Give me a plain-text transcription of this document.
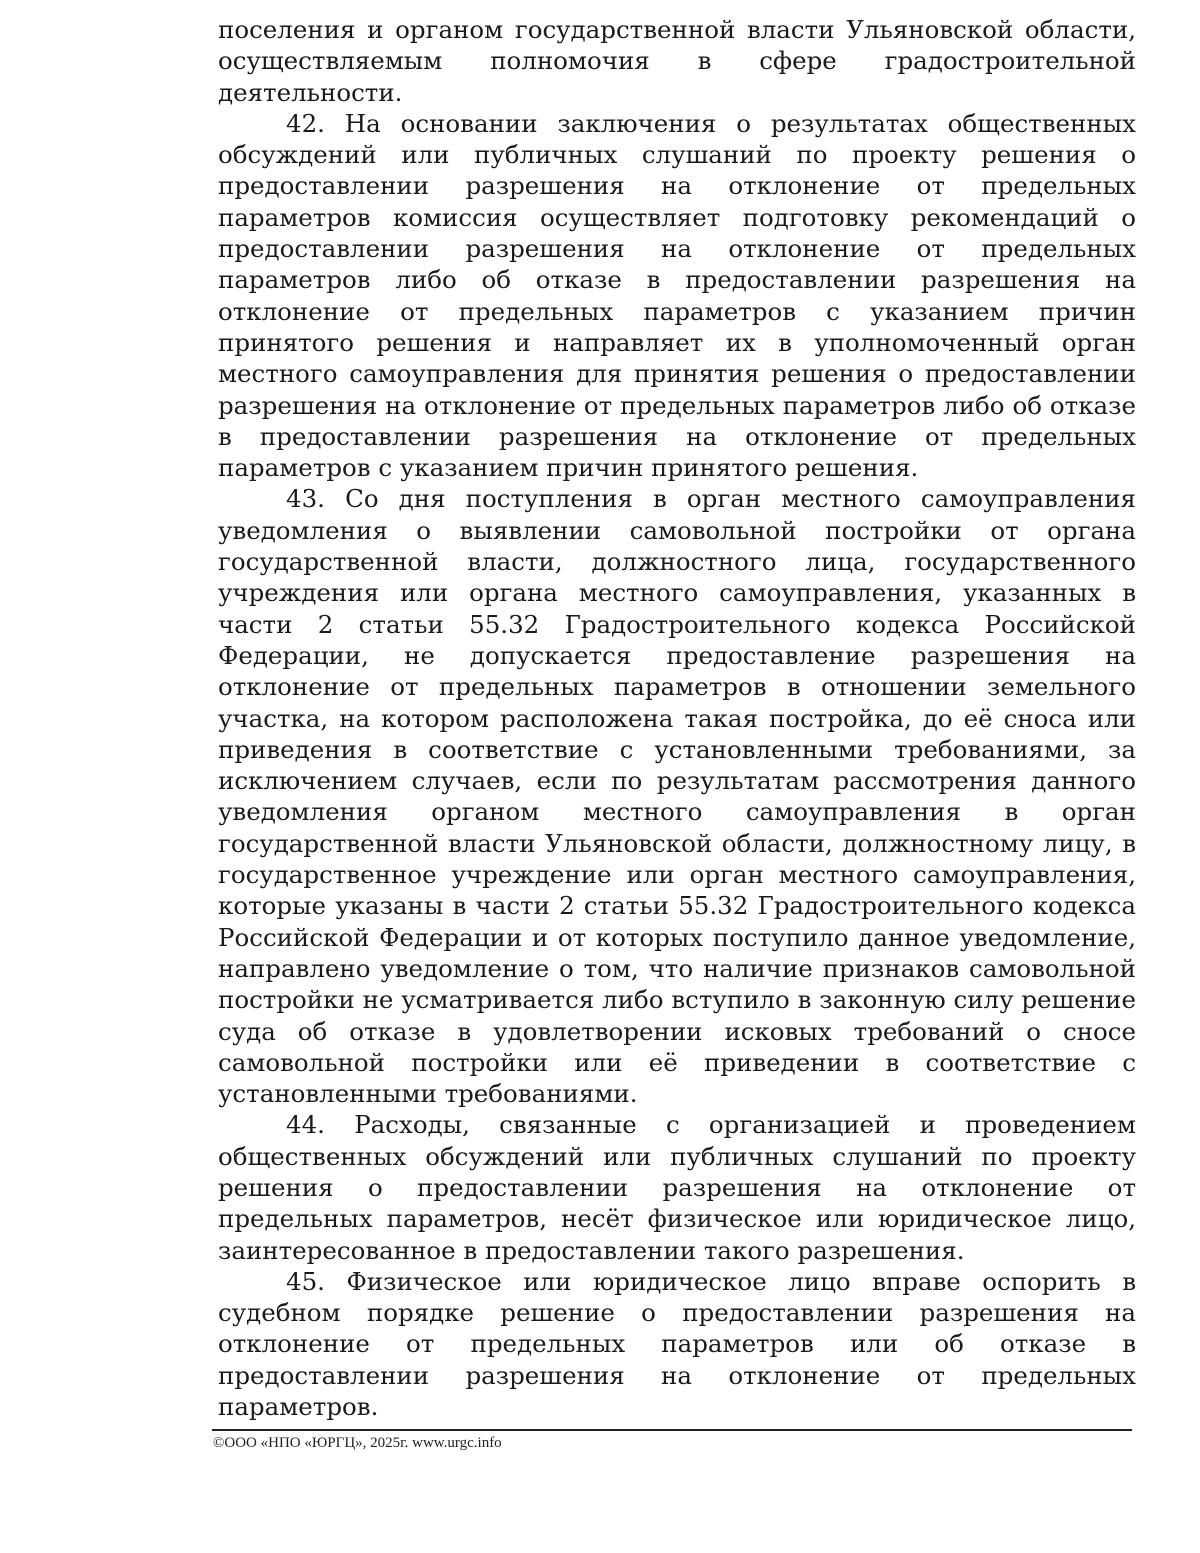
поселения и органом государственной власти Ульяновской области, осуществляемым полномочия в сфере градостроительной деятельности.

42. На основании заключения о результатах общественных обсуждений или публичных слушаний по проекту решения о предоставлении разрешения на отклонение от предельных параметров комиссия осуществляет подготовку рекомендаций о предоставлении разрешения на отклонение от предельных параметров либо об отказе в предоставлении разрешения на отклонение от предельных параметров с указанием причин принятого решения и направляет их в уполномоченный орган местного самоуправления для принятия решения о предоставлении разрешения на отклонение от предельных параметров либо об отказе в предоставлении разрешения на отклонение от предельных параметров с указанием причин принятого решения.

43. Со дня поступления в орган местного самоуправления уведомления о выявлении самовольной постройки от органа государственной власти, должностного лица, государственного учреждения или органа местного самоуправления, указанных в части 2 статьи 55.32 Градостроительного кодекса Российской Федерации, не допускается предоставление разрешения на отклонение от предельных параметров в отношении земельного участка, на котором расположена такая постройка, до её сноса или приведения в соответствие с установленными требованиями, за исключением случаев, если по результатам рассмотрения данного уведомления органом местного самоуправления в орган государственной власти Ульяновской области, должностному лицу, в государственное учреждение или орган местного самоуправления, которые указаны в части 2 статьи 55.32 Градостроительного кодекса Российской Федерации и от которых поступило данное уведомление, направлено уведомление о том, что наличие признаков самовольной постройки не усматривается либо вступило в законную силу решение суда об отказе в удовлетворении исковых требований о сносе самовольной постройки или её приведении в соответствие с установленными требованиями.

44. Расходы, связанные с организацией и проведением общественных обсуждений или публичных слушаний по проекту решения о предоставлении разрешения на отклонение от предельных параметров, несёт физическое или юридическое лицо, заинтересованное в предоставлении такого разрешения.

45. Физическое или юридическое лицо вправе оспорить в судебном порядке решение о предоставлении разрешения на отклонение от предельных параметров или об отказе в предоставлении разрешения на отклонение от предельных параметров.

©ООО «НПО «ЮРГЦ», 2025г. www.urgc.info
